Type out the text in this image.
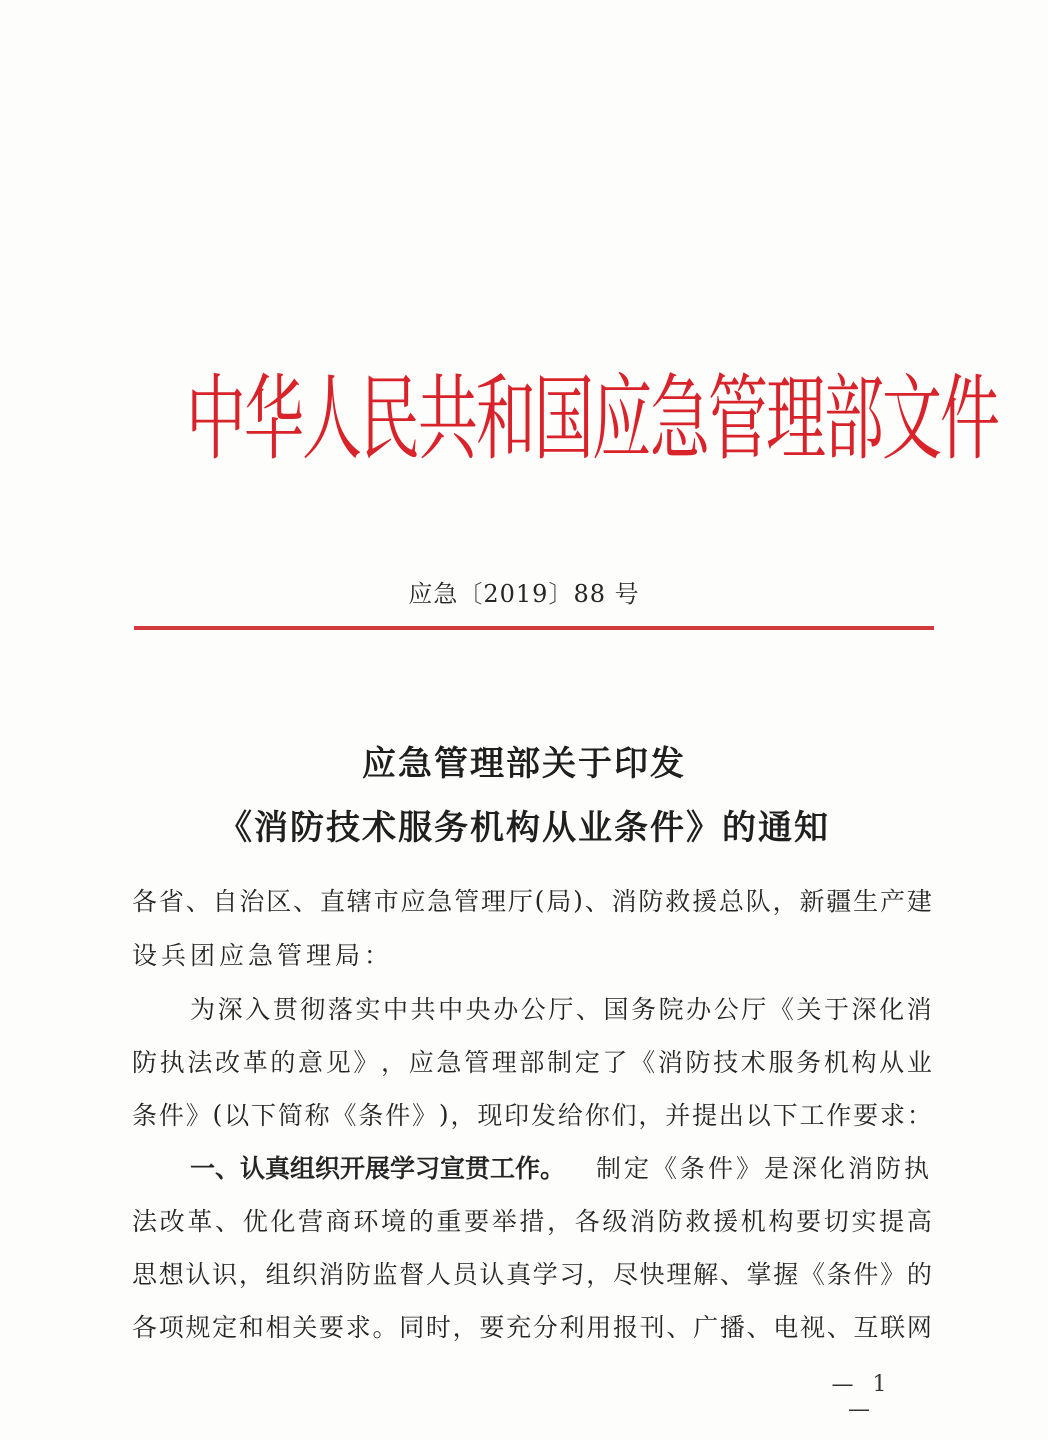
中
华
人
民
共
和
国
应
急
管
理
部
文
件
应急〔2019〕88 号
应急管理部关于印发
《消防技术服务机构从业条件》的通知
各 省 、 自 治 区 、 直 辖 市 应 急 管 理 厅 ( 局 ) 、 消 防 救 援 总 队 ， 新 疆 生 产 建
设兵团应急管理局：
为 深 入 贯 彻 落 实 中 共 中 央 办 公 厅 、 国 务 院 办 公 厅 《 关 于 深 化 消
防 执 法 改 革 的 意 见 》 ， 应 急 管 理 部 制 定 了 《 消 防 技 术 服 务 机 构 从 业
条 件 》 ( 以 下 简 称 《 条 件 》 ) ， 现 印 发 给 你 们 ， 并 提 出 以 下 工 作 要 求 ：
一、认真组织开展学习宣贯工作。	制定《条件》是深化消防执
法 改 革 、 优 化 营 商 环 境 的 重 要 举 措 ， 各 级 消 防 救 援 机 构 要 切 实 提 高
思 想 认 识 ， 组 织 消 防 监 督 人 员 认 真 学 习 ， 尽 快 理 解 、 掌 握 《 条 件 》 的
各 项 规 定 和 相 关 要 求 。 同 时 ， 要 充 分 利 用 报 刊 、 广 播 、 电 视 、 互 联 网
— 1 —
